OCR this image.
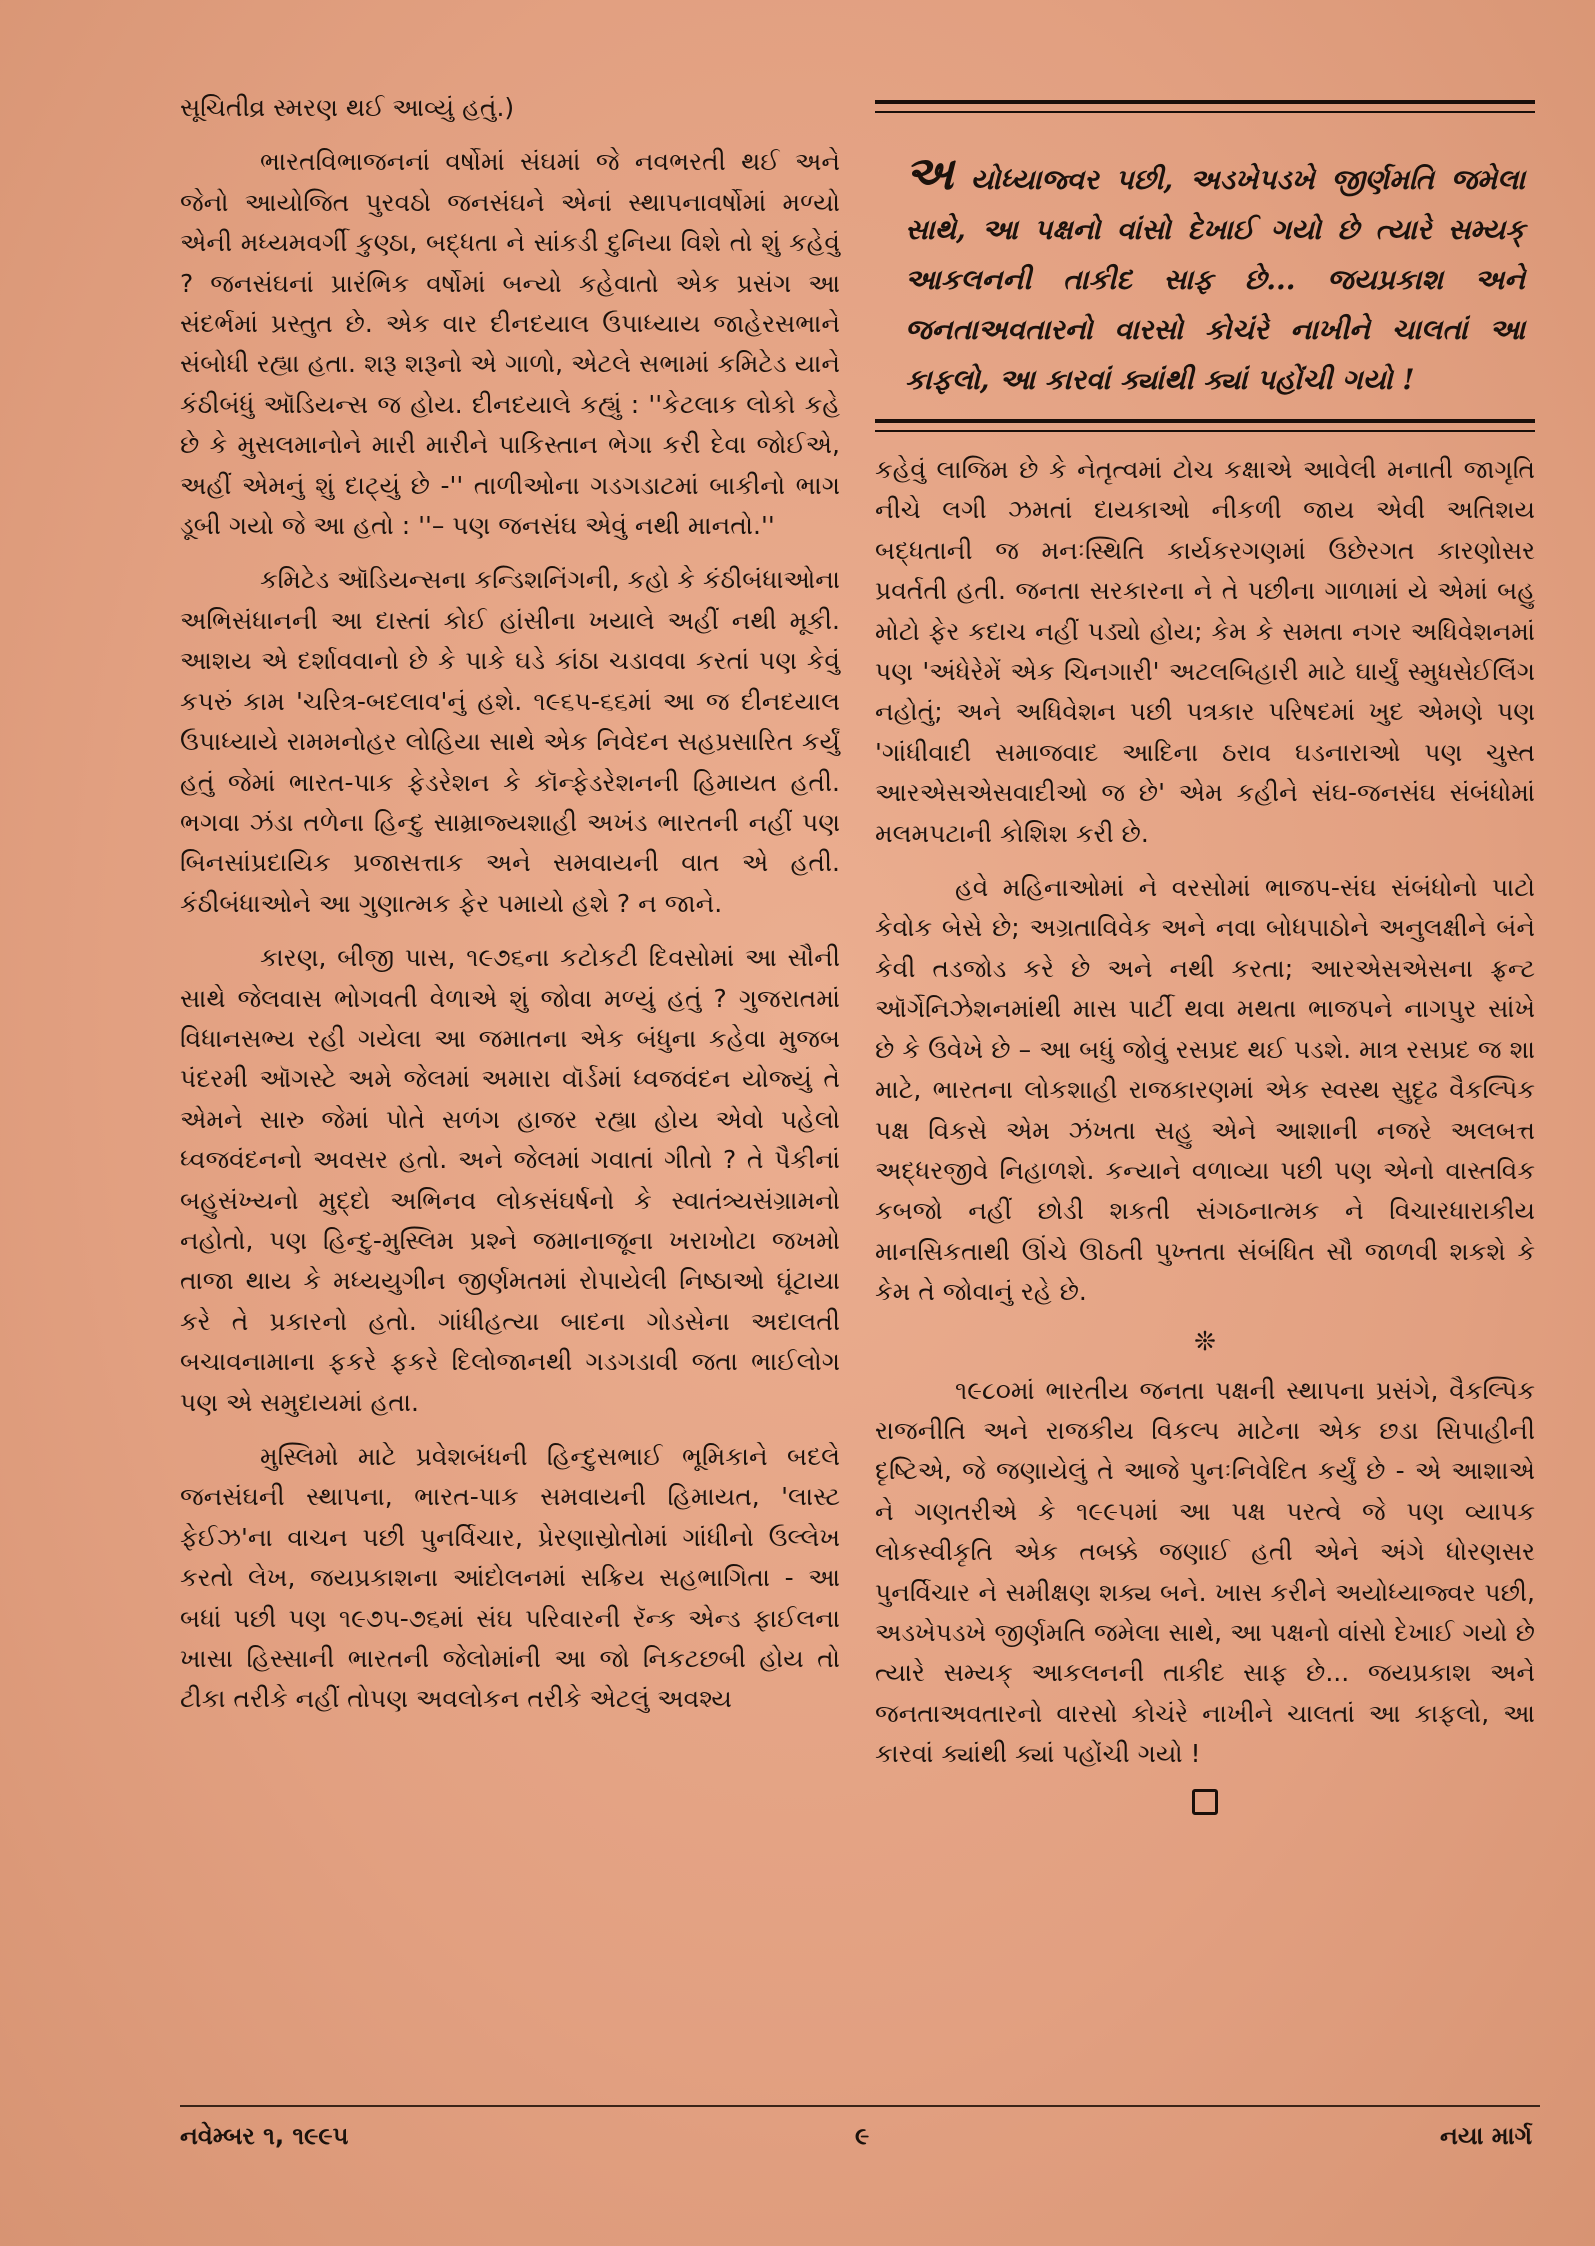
સૂચિતીવ્ર સ્મરણ થઈ આવ્યું હતું.)

ભારતવિભાજનનાં વર્ષોમાં સંઘમાં જે નવભરતી થઈ અને જેનો આયોજિત પુરવઠો જનસંઘને એનાં સ્થાપનાવર્ષોમાં મળ્યો એની મધ્યમવર્ગી કુણ્ઠા, બદ્ધતા ને સાંકડી દુનિયા વિશે તો શું કહેવું ? જનસંઘનાં પ્રારંભિક વર્ષોમાં બન્યો કહેવાતો એક પ્રસંગ આ સંદર્ભમાં પ્રસ્તુત છે. એક વાર દીનદયાલ ઉપાધ્યાય જાહેરસભાને સંબોધી રહ્યા હતા. શરૂ શરૂનો એ ગાળો, એટલે સભામાં કમિટેડ યાને કંઠીબંધું ઑડિયન્સ જ હોય. દીનદયાલે કહ્યું : ''કેટલાક લોકો કહે છે કે મુસલમાનોને મારી મારીને પાકિસ્તાન ભેગા કરી દેવા જોઈએ, અહીં એમનું શું દાટ્યું છે -'' તાળીઓના ગડગડાટમાં બાકીનો ભાગ ડૂબી ગયો જે આ હતો : ''– પણ જનસંઘ એવું નથી માનતો.''

કમિટેડ ઑડિયન્સના કન્ડિશનિંગની, કહો કે કંઠીબંધાઓના અભિસંધાનની આ દાસ્તાં કોઈ હાંસીના ખયાલે અહીં નથી મૂકી. આશય એ દર્શાવવાનો છે કે પાકે ઘડે કાંઠા ચડાવવા કરતાં પણ કેવું કપરું કામ 'ચરિત્ર-બદલાવ'નું હશે. ૧૯૬૫-૬૬માં આ જ દીનદયાલ ઉપાધ્યાયે રામમનોહર લોહિયા સાથે એક નિવેદન સહપ્રસારિત કર્યું હતું જેમાં ભારત-પાક ફેડરેશન કે કૉન્ફેડરેશનની હિમાયત હતી. ભગવા ઝંડા તળેના હિન્દુ સામ્રાજ્યશાહી અખંડ ભારતની નહીં પણ બિનસાંપ્રદાયિક પ્રજાસત્તાક અને સમવાયની વાત એ હતી. કંઠીબંધાઓને આ ગુણાત્મક ફેર પમાયો હશે ? ન જાને.

કારણ, બીજી પાસ, ૧૯૭૬ના કટોકટી દિવસોમાં આ સૌની સાથે જેલવાસ ભોગવતી વેળાએ શું જોવા મળ્યું હતું ? ગુજરાતમાં વિધાનસભ્ય રહી ગયેલા આ જમાતના એક બંધુના કહેવા મુજબ પંદરમી ઑગસ્ટે અમે જેલમાં અમારા વૉર્ડમાં ધ્વજવંદન યોજ્યું તે એમને સારુ જેમાં પોતે સળંગ હાજર રહ્યા હોય એવો પહેલો ધ્વજવંદનનો અવસર હતો. અને જેલમાં ગવાતાં ગીતો ? તે પૈકીનાં બહુસંખ્યનો મુદ્દો અભિનવ લોકસંઘર્ષનો કે સ્વાતંત્ર્યસંગ્રામનો નહોતો, પણ હિન્દુ-મુસ્લિમ પ્રશ્ને જમાનાજૂના ખરાખોટા જખમો તાજા થાય કે મધ્યયુગીન જીર્ણમતમાં રોપાયેલી નિષ્ઠાઓ ઘૂંટાયા કરે તે પ્રકારનો હતો. ગાંધીહત્યા બાદના ગોડસેના અદાલતી બચાવનામાના ફકરે ફકરે દિલોજાનથી ગડગડાવી જતા ભાઈલોગ પણ એ સમુદાયમાં હતા.

મુસ્લિમો માટે પ્રવેશબંધની હિન્દુસભાઈ ભૂમિકાને બદલે જનસંઘની સ્થાપના, ભારત-પાક સમવાયની હિમાયત, 'લાસ્ટ ફેઈઝ'ના વાચન પછી પુનર્વિચાર, પ્રેરણાસ્રોતોમાં ગાંધીનો ઉલ્લેખ કરતો લેખ, જયપ્રકાશના આંદોલનમાં સક્રિય સહભાગિતા - આ બધાં પછી પણ ૧૯૭૫-૭૬માં સંઘ પરિવારની રૅન્ક એન્ડ ફાઈલના ખાસા હિસ્સાની ભારતની જેલોમાંની આ જો નિકટછબી હોય તો ટીકા તરીકે નહીં તોપણ અવલોકન તરીકે એટલું અવશ્ય

અ યોધ્યાજ્વર પછી, અડખેપડખે જીર્ણમતિ જમેલા સાથે, આ પક્ષનો વાંસો દેખાઈ ગયો છે ત્યારે સમ્યક્ આકલનની તાકીદ સાફ છે... જયપ્રકાશ અને જનતાઅવતારનો વારસો કોચંરે નાખીને ચાલતાં આ કાફલો, આ કારવાં ક્યાંથી ક્યાં પહોંચી ગયો !

કહેવું લાજિમ છે કે નેતૃત્વમાં ટોચ કક્ષાએ આવેલી મનાતી જાગૃતિ નીચે લગી ઝમતાં દાયકાઓ નીકળી જાય એવી અતિશય બદ્ધતાની જ મનઃસ્થિતિ કાર્યકરગણમાં ઉછેરગત કારણોસર પ્રવર્તતી હતી. જનતા સરકારના ને તે પછીના ગાળામાં યે એમાં બહુ મોટો ફેર કદાચ નહીં પડ્યો હોય; કેમ કે સમતા નગર અધિવેશનમાં પણ 'અંધેરેમેં એક ચિનગારી' અટલબિહારી માટે ઘાર્યું સ્મુધસેઈલિંગ નહોતું; અને અધિવેશન પછી પત્રકાર પરિષદમાં ખુદ એમણે પણ 'ગાંધીવાદી સમાજવાદ આદિના ઠરાવ ઘડનારાઓ પણ ચુસ્ત આરએસએસવાદીઓ જ છે' એમ કહીને સંઘ-જનસંઘ સંબંધોમાં મલમપટાની કોશિશ કરી છે.

હવે મહિનાઓમાં ને વરસોમાં ભાજપ-સંઘ સંબંધોનો પાટો કેવોક બેસે છે; અગ્રતાવિવેક અને નવા બોધપાઠોને અનુલક્ષીને બંને કેવી તડજોડ કરે છે અને નથી કરતા; આરએસએસના ફ્રન્ટ ઑર્ગેનિઝેશનમાંથી માસ પાર્ટી થવા મથતા ભાજપને નાગપુર સાંખે છે કે ઉવેખે છે – આ બધું જોવું રસપ્રદ થઈ પડશે. માત્ર રસપ્રદ જ શા માટે, ભારતના લોકશાહી રાજકારણમાં એક સ્વસ્થ સુદૃઢ વૈકલ્પિક પક્ષ વિકસે એમ ઝંખતા સહુ એને આશાની નજરે અલબત્ત અદ્ધરજીવે નિહાળશે. કન્યાને વળાવ્યા પછી પણ એનો વાસ્તવિક કબજો નહીં છોડી શકતી સંગઠનાત્મક ને વિચારધારાકીય માનસિકતાથી ઊંચે ઊઠતી પુખ્તતા સંબંધિત સૌ જાળવી શકશે કે કેમ તે જોવાનું રહે છે.

❊

૧૯૮૦માં ભારતીય જનતા પક્ષની સ્થાપના પ્રસંગે, વૈકલ્પિક રાજનીતિ અને રાજકીય વિકલ્પ માટેના એક છડા સિપાહીની દૃષ્ટિએ, જે જણાયેલું તે આજે પુનઃનિવેદિત કર્યું છે - એ આશાએ ને ગણતરીએ કે ૧૯૯૫માં આ પક્ષ પરત્વે જે પણ વ્યાપક લોકસ્વીકૃતિ એક તબક્કે જણાઈ હતી એને અંગે ધોરણસર પુનર્વિચાર ને સમીક્ષણ શક્ય બને. ખાસ કરીને અયોધ્યાજ્વર પછી, અડખેપડખે જીર્ણમતિ જમેલા સાથે, આ પક્ષનો વાંસો દેખાઈ ગયો છે ત્યારે સમ્યક્ આકલનની તાકીદ સાફ છે... જયપ્રકાશ અને જનતાઅવતારનો વારસો કોચંરે નાખીને ચાલતાં આ કાફલો, આ કારવાં ક્યાંથી ક્યાં પહોંચી ગયો !

નવેમ્બર ૧, ૧૯૯૫	૯	નયા માર્ગ
